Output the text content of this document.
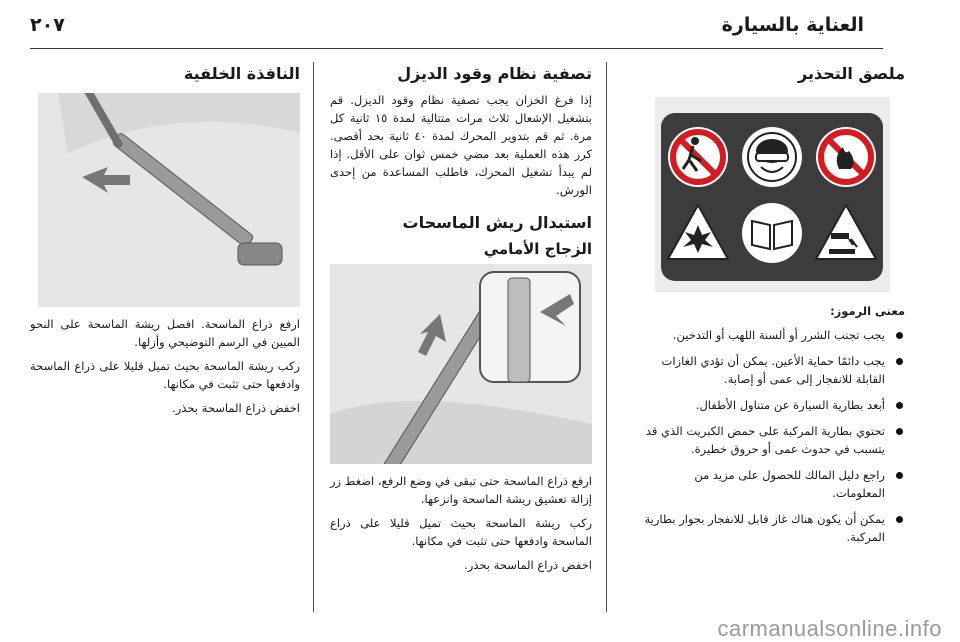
٢٠٧	العناية بالسيارة
ملصق التحذير

معنى الرموز:

يجب تجنب الشرر أو ألسنة اللهب أو التدخين.
يجب دائمًا حماية الأعين. يمكن أن تؤدي الغازات القابلة للانفجار إلى عمى أو إصابة.
أبعد بطارية السيارة عن متناول الأطفال.
تحتوي بطارية المركبة على حمض الكبريت الذي قد يتسبب في حدوث عمى أو حروق خطيرة.
راجع دليل المالك للحصول على مزيد من المعلومات.
يمكن أن يكون هناك غاز قابل للانفجار بجوار بطارية المركبة.
تصفية نظام وقود الديزل

إذا فرغ الخزان يجب تصفية نظام وقود الديزل. قم بتشغيل الإشعال ثلاث مرات متتالية لمدة ١٥ ثانية كل مرة. ثم قم بتدوير المحرك لمدة ٤٠ ثانية بحد أقصى. كرر هذه العملية بعد مضي خمس ثوان على الأقل. إذا لم يبدأ تشغيل المحرك، فاطلب المساعدة من إحدى الورش.

استبدال ريش الماسحات
الزجاج الأمامي

ارفع ذراع الماسحة حتى تبقى في وضع الرفع، اضغط زر إزالة تعشيق ريشة الماسحة وانزعها.

ركب ريشة الماسحة بحيث تميل قليلا على ذراع الماسحة وادفعها حتى تثبت في مكانها.

اخفض ذراع الماسحة بحذر.

النافذة الخلفية

ارفع ذراع الماسحة. افصل ريشة الماسحة على النحو المبين في الرسم التوضيحي وأزلها.

ركب ريشة الماسحة بحيث تميل قليلا على ذراع الماسحة وادفعها حتى تثبت في مكانها.

اخفض ذراع الماسحة بحذر.

carmanualsonline.info
